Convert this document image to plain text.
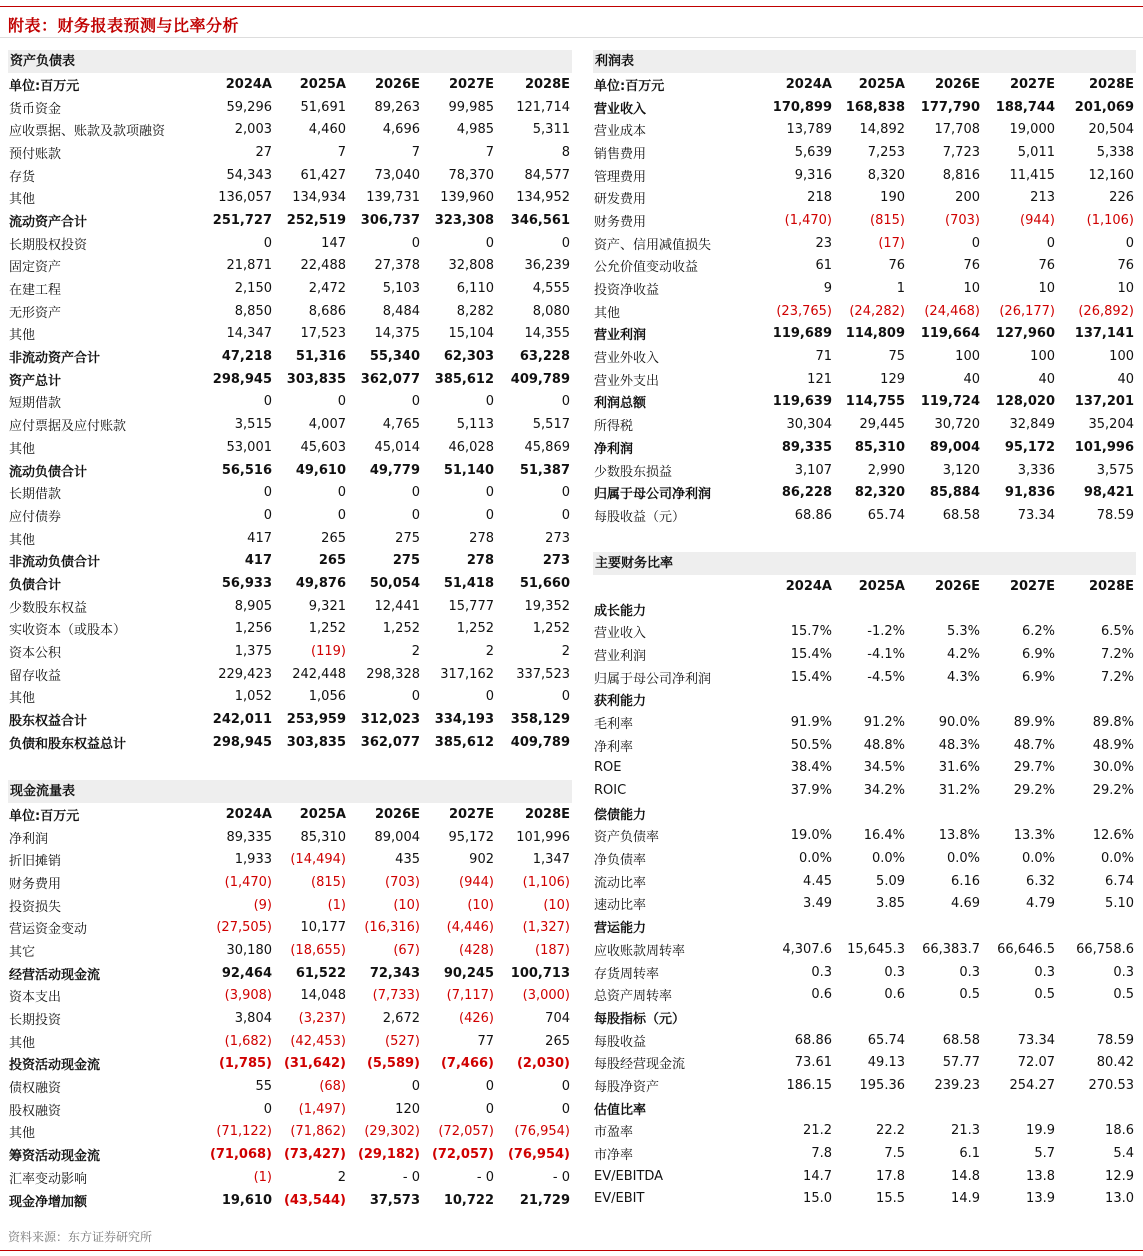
附表：财务报表预测与比率分析
资产负债表
单位:百万元	2024A	2025A	2026E	2027E	2028E
货币资金	59,296	51,691	89,263	99,985	121,714
应收票据、账款及款项融资	2,003	4,460	4,696	4,985	5,311
预付账款	27	7	7	7	8
存货	54,343	61,427	73,040	78,370	84,577
其他	136,057	134,934	139,731	139,960	134,952
流动资产合计	251,727	252,519	306,737	323,308	346,561
长期股权投资	0	147	0	0	0
固定资产	21,871	22,488	27,378	32,808	36,239
在建工程	2,150	2,472	5,103	6,110	4,555
无形资产	8,850	8,686	8,484	8,282	8,080
其他	14,347	17,523	14,375	15,104	14,355
非流动资产合计	47,218	51,316	55,340	62,303	63,228
资产总计	298,945	303,835	362,077	385,612	409,789
短期借款	0	0	0	0	0
应付票据及应付账款	3,515	4,007	4,765	5,113	5,517
其他	53,001	45,603	45,014	46,028	45,869
流动负债合计	56,516	49,610	49,779	51,140	51,387
长期借款	0	0	0	0	0
应付债券	0	0	0	0	0
其他	417	265	275	278	273
非流动负债合计	417	265	275	278	273
负债合计	56,933	49,876	50,054	51,418	51,660
少数股东权益	8,905	9,321	12,441	15,777	19,352
实收资本（或股本）	1,256	1,252	1,252	1,252	1,252
资本公积	1,375	(119)	2	2	2
留存收益	229,423	242,448	298,328	317,162	337,523
其他	1,052	1,056	0	0	0
股东权益合计	242,011	253,959	312,023	334,193	358,129
负债和股东权益总计	298,945	303,835	362,077	385,612	409,789
现金流量表
单位:百万元	2024A	2025A	2026E	2027E	2028E
净利润	89,335	85,310	89,004	95,172	101,996
折旧摊销	1,933	(14,494)	435	902	1,347
财务费用	(1,470)	(815)	(703)	(944)	(1,106)
投资损失	(9)	(1)	(10)	(10)	(10)
营运资金变动	(27,505)	10,177	(16,316)	(4,446)	(1,327)
其它	30,180	(18,655)	(67)	(428)	(187)
经营活动现金流	92,464	61,522	72,343	90,245	100,713
资本支出	(3,908)	14,048	(7,733)	(7,117)	(3,000)
长期投资	3,804	(3,237)	2,672	(426)	704
其他	(1,682)	(42,453)	(527)	77	265
投资活动现金流	(1,785)	(31,642)	(5,589)	(7,466)	(2,030)
债权融资	55	(68)	0	0	0
股权融资	0	(1,497)	120	0	0
其他	(71,122)	(71,862)	(29,302)	(72,057)	(76,954)
筹资活动现金流	(71,068)	(73,427)	(29,182)	(72,057)	(76,954)
汇率变动影响	(1)	2	- 0	- 0	- 0
现金净增加额	19,610	(43,544)	37,573	10,722	21,729
利润表
单位:百万元	2024A	2025A	2026E	2027E	2028E
营业收入	170,899	168,838	177,790	188,744	201,069
营业成本	13,789	14,892	17,708	19,000	20,504
销售费用	5,639	7,253	7,723	5,011	5,338
管理费用	9,316	8,320	8,816	11,415	12,160
研发费用	218	190	200	213	226
财务费用	(1,470)	(815)	(703)	(944)	(1,106)
资产、信用减值损失	23	(17)	0	0	0
公允价值变动收益	61	76	76	76	76
投资净收益	9	1	10	10	10
其他	(23,765)	(24,282)	(24,468)	(26,177)	(26,892)
营业利润	119,689	114,809	119,664	127,960	137,141
营业外收入	71	75	100	100	100
营业外支出	121	129	40	40	40
利润总额	119,639	114,755	119,724	128,020	137,201
所得税	30,304	29,445	30,720	32,849	35,204
净利润	89,335	85,310	89,004	95,172	101,996
少数股东损益	3,107	2,990	3,120	3,336	3,575
归属于母公司净利润	86,228	82,320	85,884	91,836	98,421
每股收益（元）	68.86	65.74	68.58	73.34	78.59
主要财务比率
	2024A	2025A	2026E	2027E	2028E
成长能力					
营业收入	15.7%	-1.2%	5.3%	6.2%	6.5%
营业利润	15.4%	-4.1%	4.2%	6.9%	7.2%
归属于母公司净利润	15.4%	-4.5%	4.3%	6.9%	7.2%
获利能力					
毛利率	91.9%	91.2%	90.0%	89.9%	89.8%
净利率	50.5%	48.8%	48.3%	48.7%	48.9%
ROE	38.4%	34.5%	31.6%	29.7%	30.0%
ROIC	37.9%	34.2%	31.2%	29.2%	29.2%
偿债能力					
资产负债率	19.0%	16.4%	13.8%	13.3%	12.6%
净负债率	0.0%	0.0%	0.0%	0.0%	0.0%
流动比率	4.45	5.09	6.16	6.32	6.74
速动比率	3.49	3.85	4.69	4.79	5.10
营运能力					
应收账款周转率	4,307.6	15,645.3	66,383.7	66,646.5	66,758.6
存货周转率	0.3	0.3	0.3	0.3	0.3
总资产周转率	0.6	0.6	0.5	0.5	0.5
每股指标（元）					
每股收益	68.86	65.74	68.58	73.34	78.59
每股经营现金流	73.61	49.13	57.77	72.07	80.42
每股净资产	186.15	195.36	239.23	254.27	270.53
估值比率					
市盈率	21.2	22.2	21.3	19.9	18.6
市净率	7.8	7.5	6.1	5.7	5.4
EV/EBITDA	14.7	17.8	14.8	13.8	12.9
EV/EBIT	15.0	15.5	14.9	13.9	13.0
资料来源：东方证券研究所
